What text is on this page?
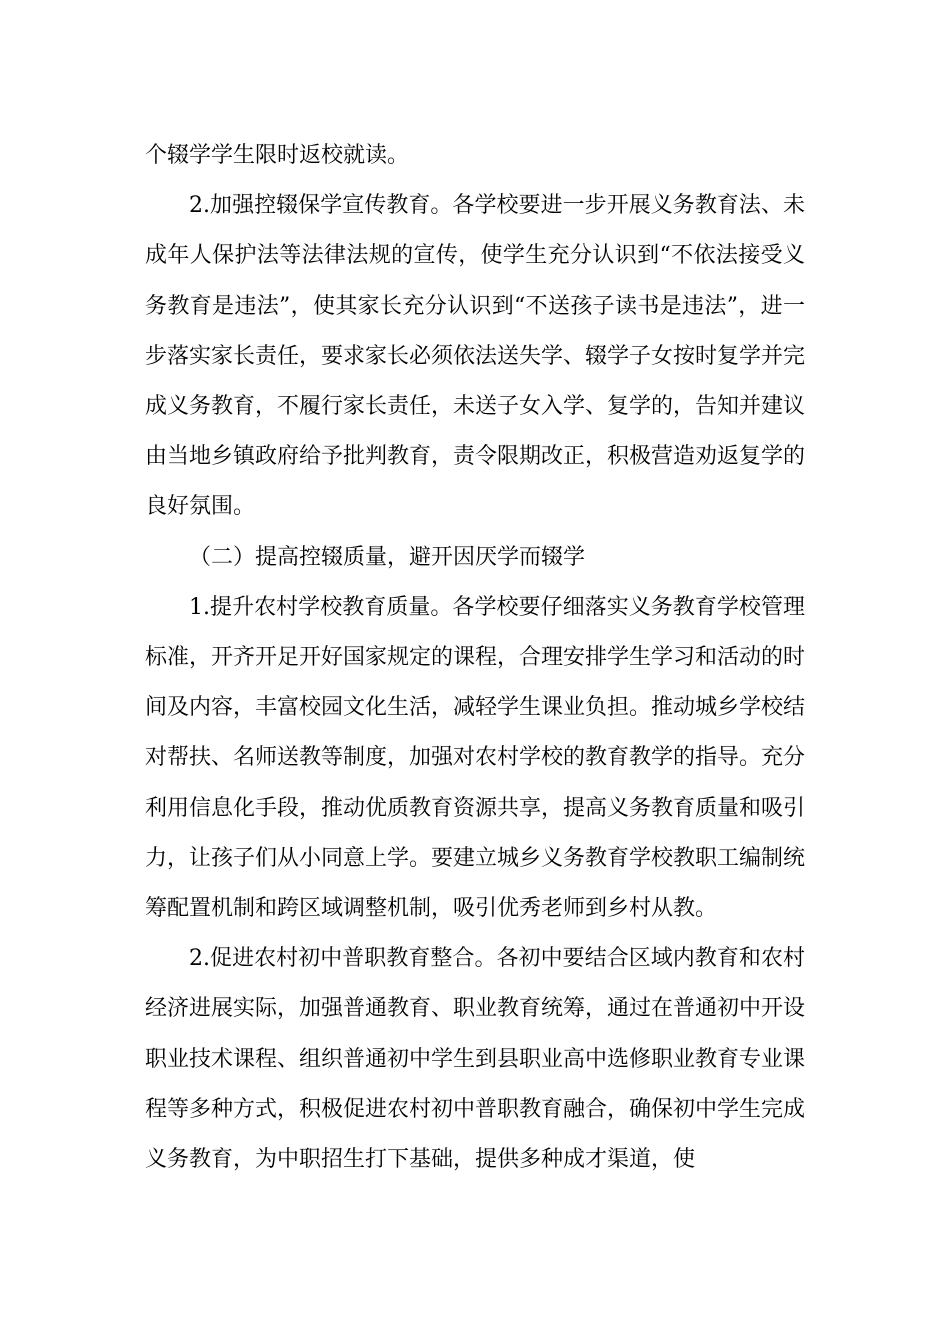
个辍学学生限时返校就读。

2.加强控辍保学宣传教育。各学校要进一步开展义务教育法、未成年人保护法等法律法规的宣传，使学生充分认识到“不依法接受义务教育是违法”，使其家长充分认识到“不送孩子读书是违法”，进一步落实家长责任，要求家长必须依法送失学、辍学子女按时复学并完成义务教育，不履行家长责任，未送子女入学、复学的，告知并建议由当地乡镇政府给予批判教育，责令限期改正，积极营造劝返复学的良好氛围。

（二）提高控辍质量，避开因厌学而辍学

1.提升农村学校教育质量。各学校要仔细落实义务教育学校管理标准，开齐开足开好国家规定的课程，合理安排学生学习和活动的时间及内容，丰富校园文化生活，减轻学生课业负担。推动城乡学校结对帮扶、名师送教等制度，加强对农村学校的教育教学的指导。充分利用信息化手段，推动优质教育资源共享，提高义务教育质量和吸引力，让孩子们从小同意上学。要建立城乡义务教育学校教职工编制统筹配置机制和跨区域调整机制，吸引优秀老师到乡村从教。

2.促进农村初中普职教育整合。各初中要结合区域内教育和农村经济进展实际，加强普通教育、职业教育统筹，通过在普通初中开设职业技术课程、组织普通初中学生到县职业高中选修职业教育专业课程等多种方式，积极促进农村初中普职教育融合，确保初中学生完成义务教育，为中职招生打下基础，提供多种成才渠道，使
